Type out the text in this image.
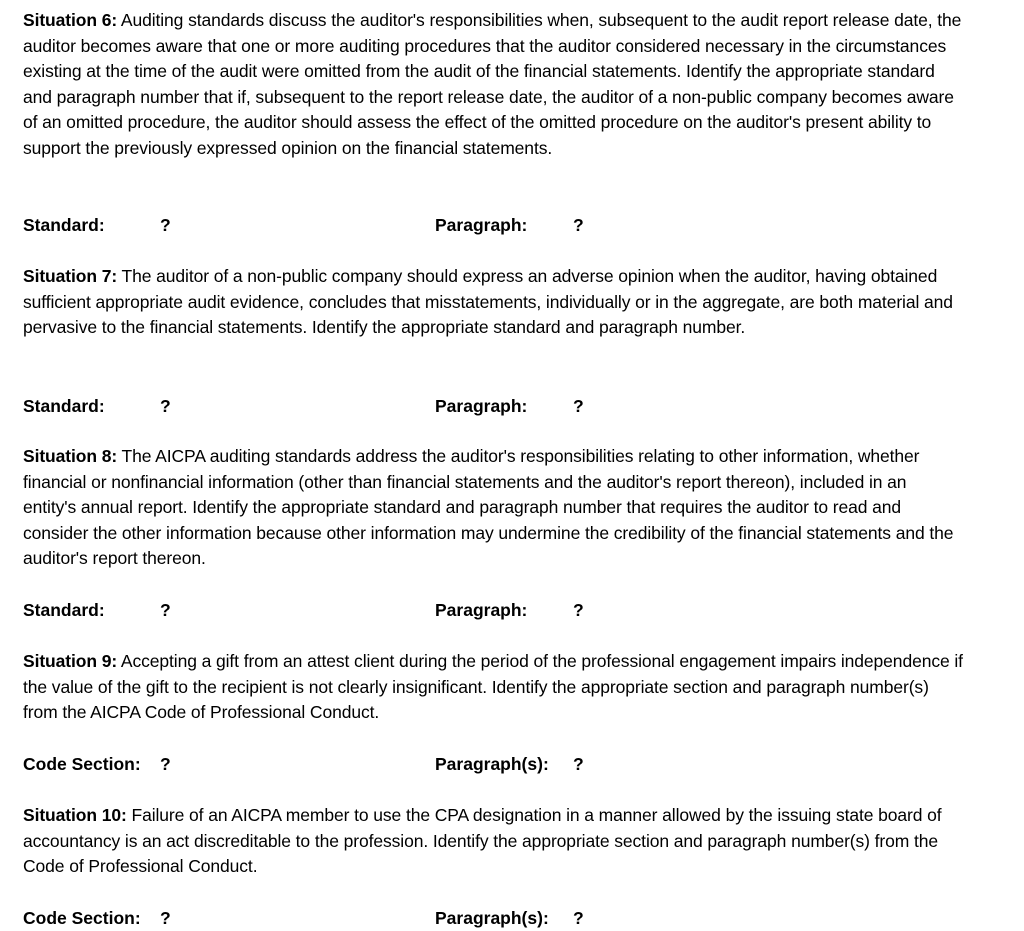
Situation 6: Auditing standards discuss the auditor's responsibilities when, subsequent to the audit report release date, the auditor becomes aware that one or more auditing procedures that the auditor considered necessary in the circumstances existing at the time of the audit were omitted from the audit of the financial statements. Identify the appropriate standard and paragraph number that if, subsequent to the report release date, the auditor of a non-public company becomes aware of an omitted procedure, the auditor should assess the effect of the omitted procedure on the auditor's present ability to support the previously expressed opinion on the financial statements.
Standard:	?	Paragraph:	?
Situation 7: The auditor of a non-public company should express an adverse opinion when the auditor, having obtained sufficient appropriate audit evidence, concludes that misstatements, individually or in the aggregate, are both material and pervasive to the financial statements. Identify the appropriate standard and paragraph number.
Standard:	?	Paragraph:	?
Situation 8: The AICPA auditing standards address the auditor's responsibilities relating to other information, whether financial or nonfinancial information (other than financial statements and the auditor's report thereon), included in an entity's annual report. Identify the appropriate standard and paragraph number that requires the auditor to read and consider the other information because other information may undermine the credibility of the financial statements and the auditor's report thereon.
Standard:	?	Paragraph:	?
Situation 9: Accepting a gift from an attest client during the period of the professional engagement impairs independence if the value of the gift to the recipient is not clearly insignificant. Identify the appropriate section and paragraph number(s) from the AICPA Code of Professional Conduct.
Code Section: ?	Paragraph(s): ?
Situation 10: Failure of an AICPA member to use the CPA designation in a manner allowed by the issuing state board of accountancy is an act discreditable to the profession. Identify the appropriate section and paragraph number(s) from the Code of Professional Conduct.
Code Section: ?	Paragraph(s): ?
